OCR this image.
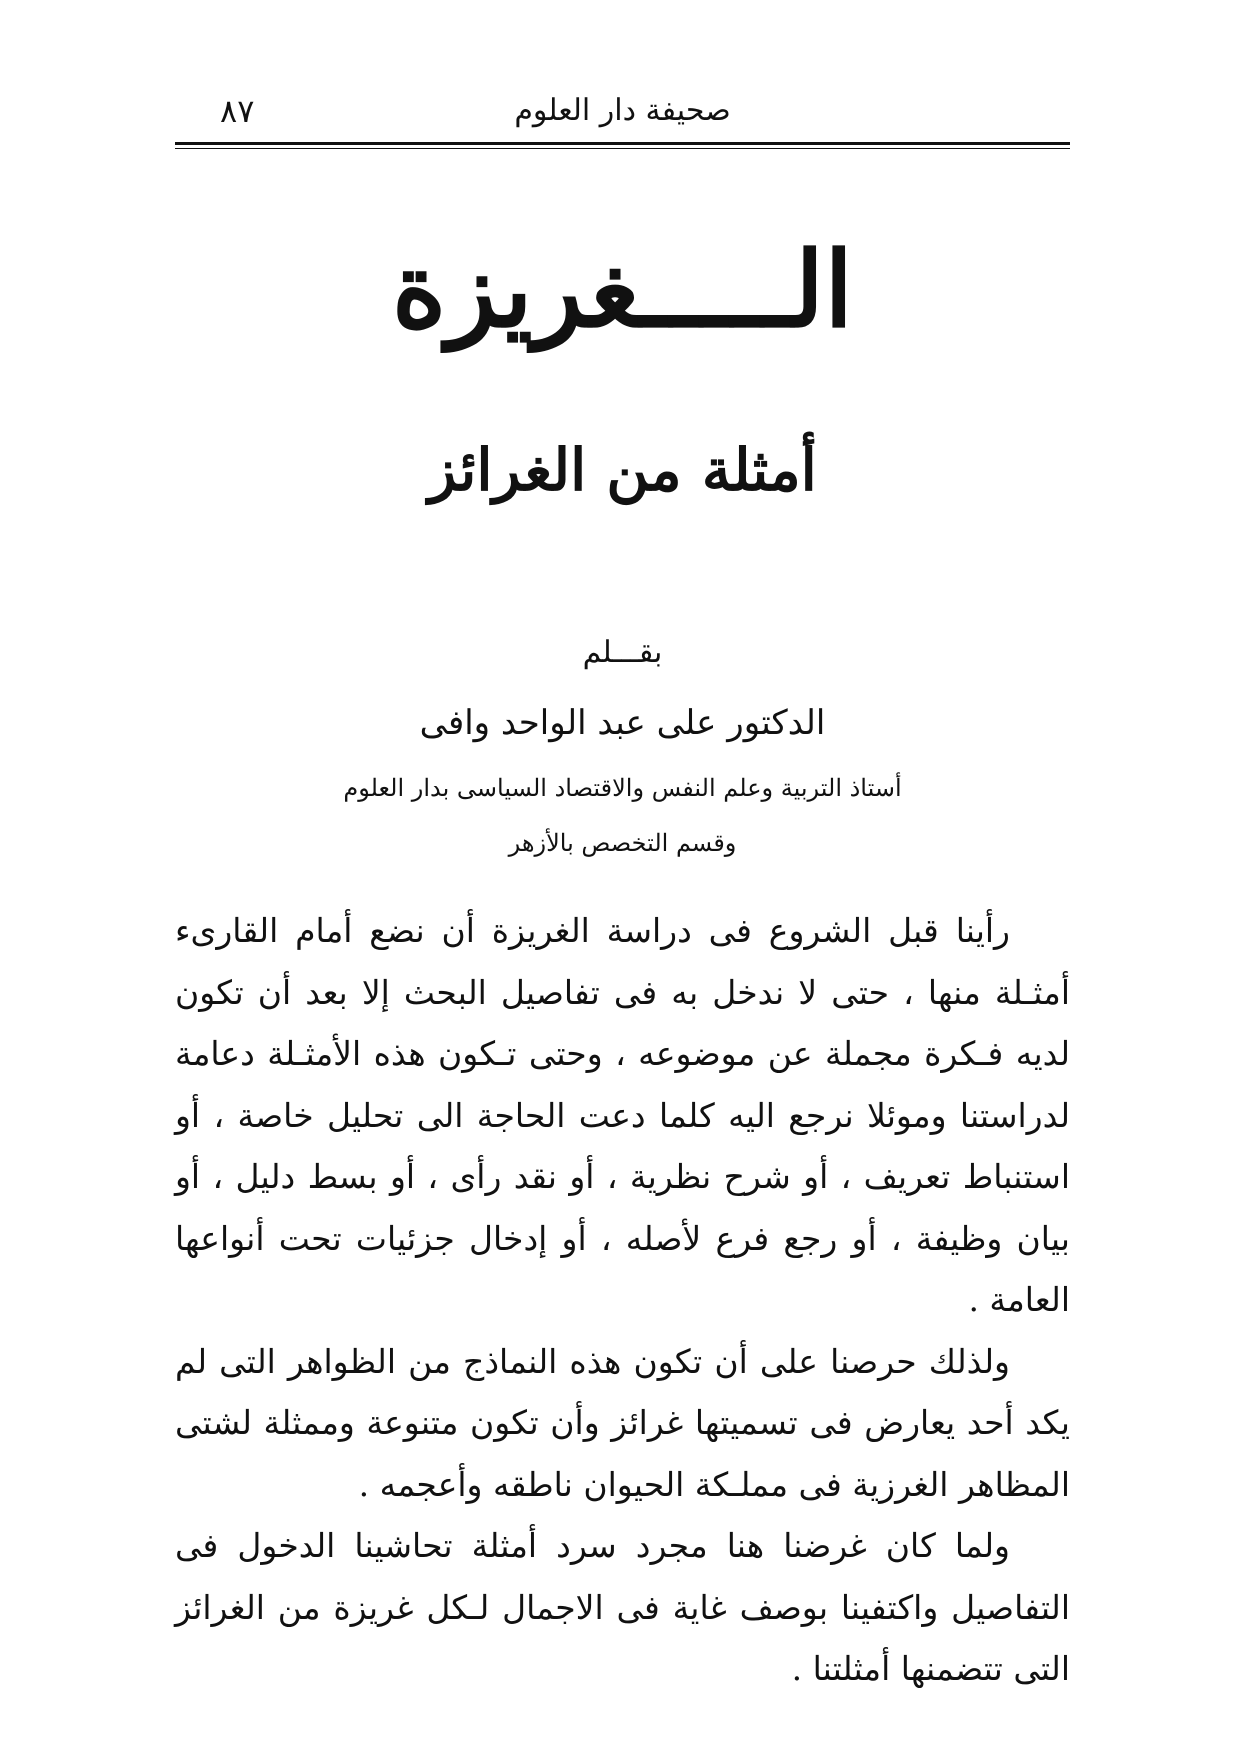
صحيفة دار العلوم
٨٧
الـــــغريزة
أمثلة من الغرائز
بقـــلم
الدكتور على عبد الواحد وافى
أستاذ التربية وعلم النفس والاقتصاد السياسى بدار العلوم
وقسم التخصص بالأزهر

رأينا قبل الشروع فى دراسة الغريزة أن نضع أمام القارىء أمثـلة منها ، حتى لا ندخل به فى تفاصيل البحث إلا بعد أن تكون لديه فـكرة مجملة عن موضوعه ، وحتى تـكون هذه الأمثـلة دعامة لدراستنا وموئلا نرجع اليه كلما دعت الحاجة الى تحليل خاصة ، أو استنباط تعريف ، أو شرح نظرية ، أو نقد رأى ، أو بسط دليل ، أو بيان وظيفة ، أو رجع فرع لأصله ، أو إدخال جزئيات تحت أنواعها العامة .

ولذلك حرصنا على أن تكون هذه النماذج من الظواهر التى لم يكد أحد يعارض فى تسميتها غرائز وأن تكون متنوعة وممثلة لشتى المظاهر الغرزية فى مملـكة الحيوان ناطقه وأعجمه .

ولما كان غرضنا هنا مجرد سرد أمثلة تحاشينا الدخول فى التفاصيل واكتفينا بوصف غاية فى الاجمال لـكل غريزة من الغرائز التى تتضمنها أمثلتنا .
